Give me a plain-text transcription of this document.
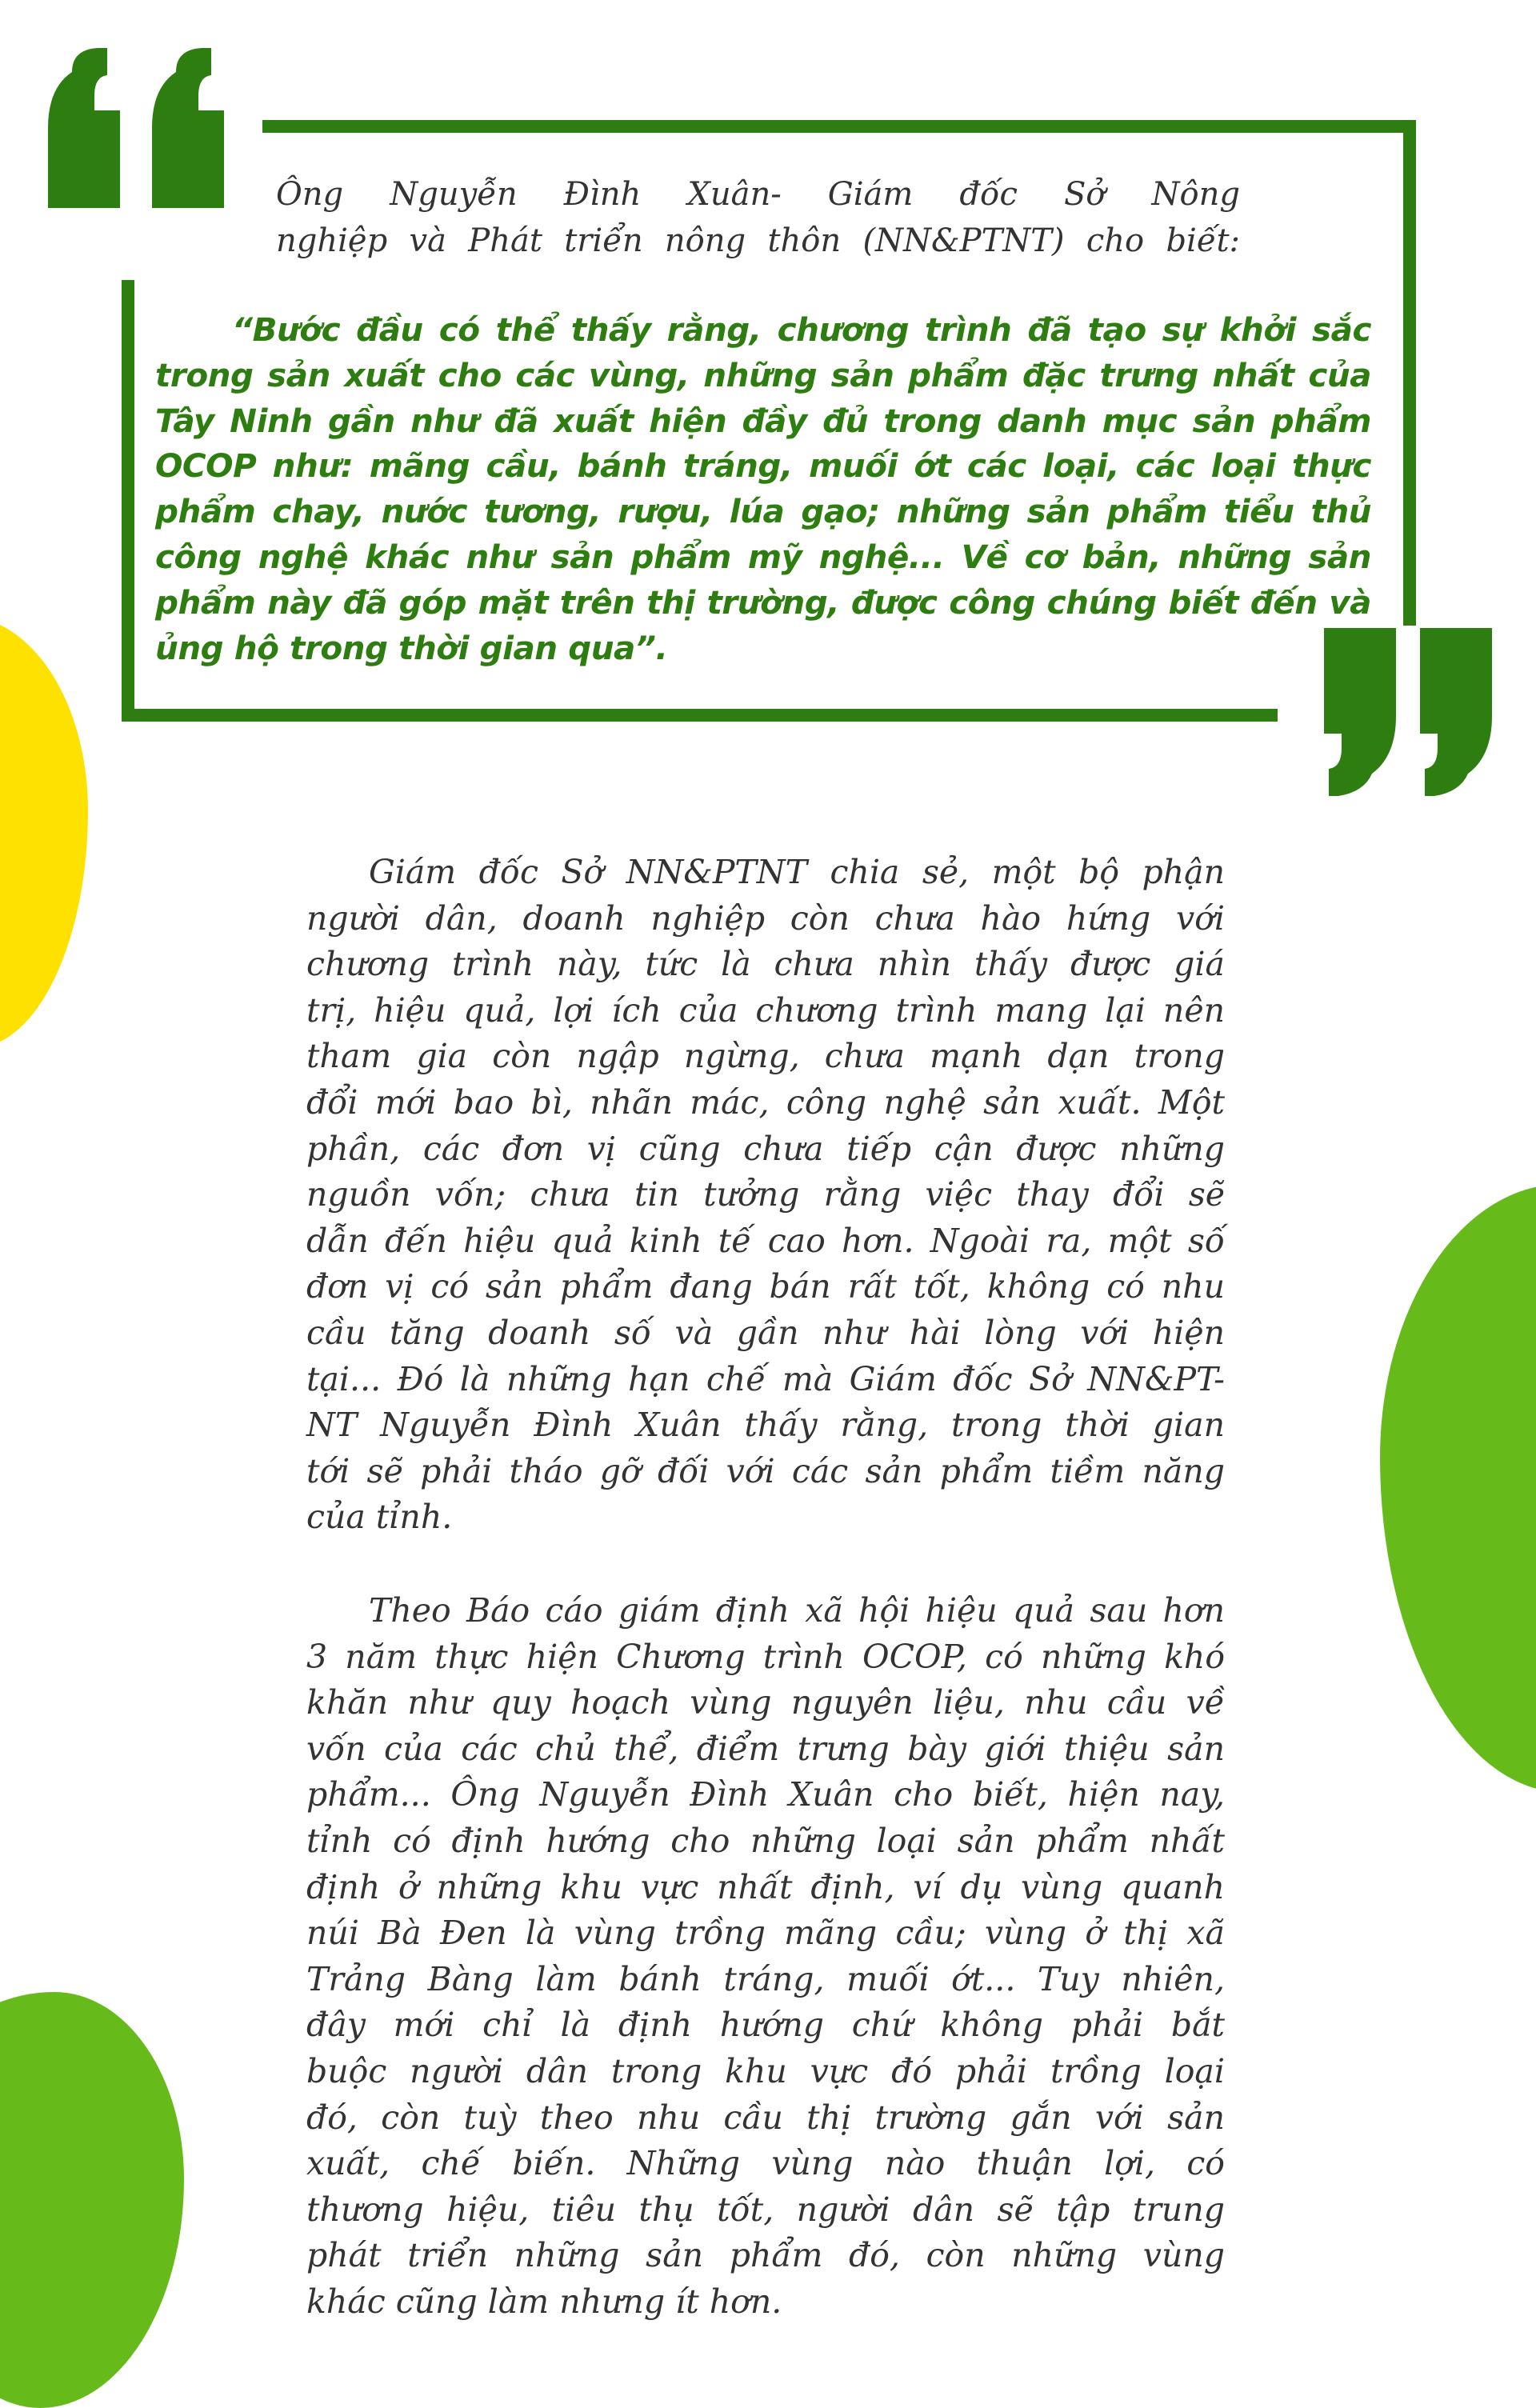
Ông Nguyễn Đình Xuân- Giám đốc Sở Nông
nghiệp và Phát triển nông thôn (NN&PTNT) cho biết:
“Bước đầu có thể thấy rằng, chương trình đã tạo sự khởi sắc
trong sản xuất cho các vùng, những sản phẩm đặc trưng nhất của
Tây Ninh gần như đã xuất hiện đầy đủ trong danh mục sản phẩm
OCOP như: mãng cầu, bánh tráng, muối ớt các loại, các loại thực
phẩm chay, nước tương, rượu, lúa gạo; những sản phẩm tiểu thủ
công nghệ khác như sản phẩm mỹ nghệ... Về cơ bản, những sản
phẩm này đã góp mặt trên thị trường, được công chúng biết đến và
ủng hộ trong thời gian qua”.
Giám đốc Sở NN&PTNT chia sẻ, một bộ phận
người dân, doanh nghiệp còn chưa hào hứng với
chương trình này, tức là chưa nhìn thấy được giá
trị, hiệu quả, lợi ích của chương trình mang lại nên
tham gia còn ngập ngừng, chưa mạnh dạn trong
đổi mới bao bì, nhãn mác, công nghệ sản xuất. Một
phần, các đơn vị cũng chưa tiếp cận được những
nguồn vốn; chưa tin tưởng rằng việc thay đổi sẽ
dẫn đến hiệu quả kinh tế cao hơn. Ngoài ra, một số
đơn vị có sản phẩm đang bán rất tốt, không có nhu
cầu tăng doanh số và gần như hài lòng với hiện
tại... Đó là những hạn chế mà Giám đốc Sở NN&PT-
NT Nguyễn Đình Xuân thấy rằng, trong thời gian
tới sẽ phải tháo gỡ đối với các sản phẩm tiềm năng
của tỉnh.
Theo Báo cáo giám định xã hội hiệu quả sau hơn
3 năm thực hiện Chương trình OCOP, có những khó
khăn như quy hoạch vùng nguyên liệu, nhu cầu về
vốn của các chủ thể, điểm trưng bày giới thiệu sản
phẩm... Ông Nguyễn Đình Xuân cho biết, hiện nay,
tỉnh có định hướng cho những loại sản phẩm nhất
định ở những khu vực nhất định, ví dụ vùng quanh
núi Bà Đen là vùng trồng mãng cầu; vùng ở thị xã
Trảng Bàng làm bánh tráng, muối ớt... Tuy nhiên,
đây mới chỉ là định hướng chứ không phải bắt
buộc người dân trong khu vực đó phải trồng loại
đó, còn tuỳ theo nhu cầu thị trường gắn với sản
xuất, chế biến. Những vùng nào thuận lợi, có
thương hiệu, tiêu thụ tốt, người dân sẽ tập trung
phát triển những sản phẩm đó, còn những vùng
khác cũng làm nhưng ít hơn.
